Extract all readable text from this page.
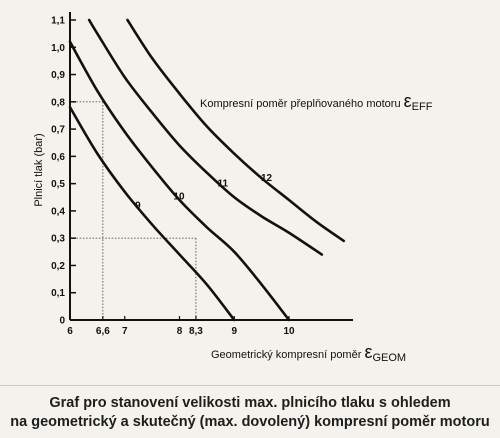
0
0,1
0,2
0,3
0,4
0,5
0,6
0,7
0,8
0,9
1,0
1,1
6 6,6 7	8 8,3	9	10
9
10
11	12
Plnicí tlak (bar)
Kompresní poměr přeplňovaného motoru εEFF
Geometrický kompresní poměr εGEOM
Graf pro stanovení velikosti max. plnicího tlaku s ohledem
na geometrický a skutečný (max. dovolený) kompresní poměr motoru
